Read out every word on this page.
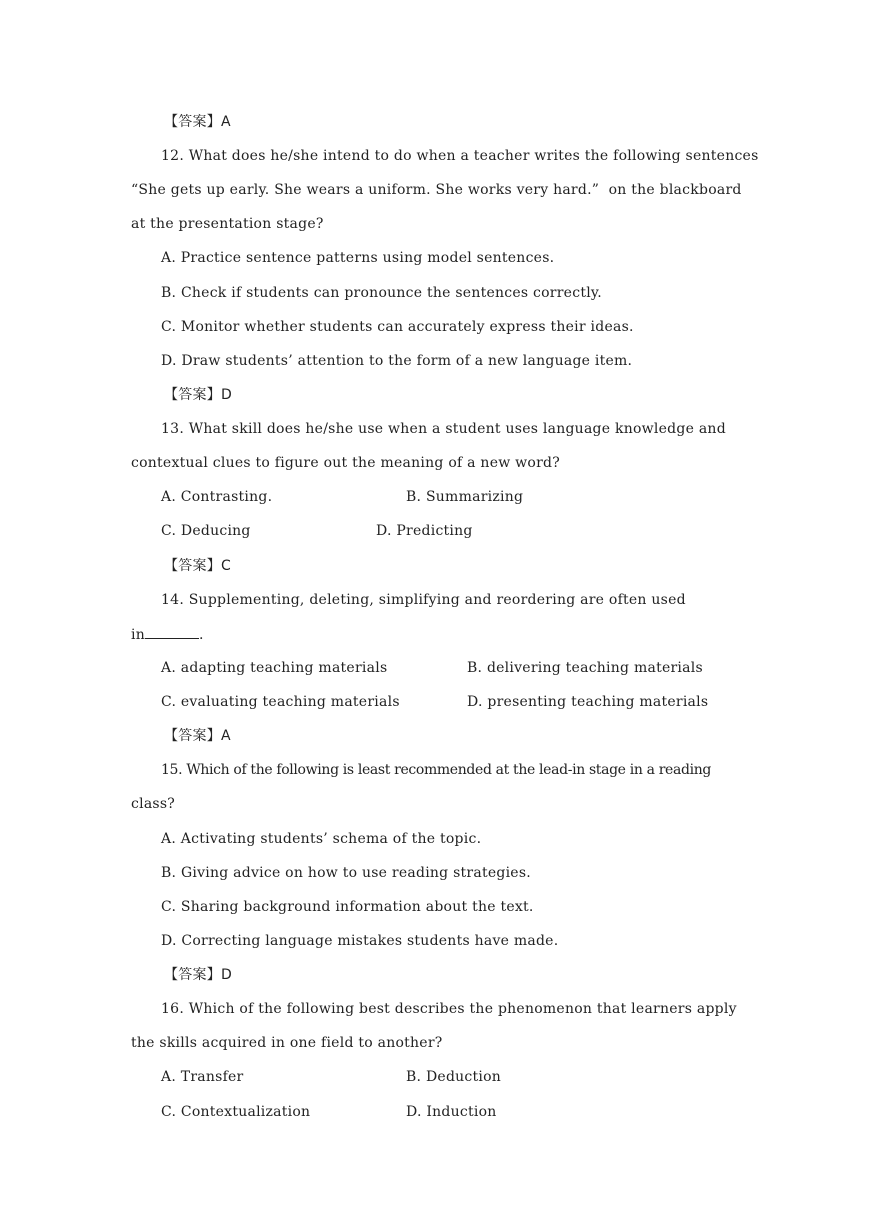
【答案】A
12. What does he/she intend to do when a teacher writes the following sentences
“She gets up early. She wears a uniform. She works very hard.”  on the blackboard
at the presentation stage?
A. Practice sentence patterns using model sentences.
B. Check if students can pronounce the sentences correctly.
C. Monitor whether students can accurately express their ideas.
D. Draw students’ attention to the form of a new language item.
【答案】D
13. What skill does he/she use when a student uses language knowledge and
contextual clues to figure out the meaning of a new word?
A. Contrasting.	B. Summarizing
C. Deducing	D. Predicting
【答案】C
14. Supplementing, deleting, simplifying and reordering are often used
in	.
A. adapting teaching materials	B. delivering teaching materials
C. evaluating teaching materials	D. presenting teaching materials
【答案】A
15. Which of the following is least recommended at the lead-in stage in a reading
class?
A. Activating students’ schema of the topic.
B. Giving advice on how to use reading strategies.
C. Sharing background information about the text.
D. Correcting language mistakes students have made.
【答案】D
16. Which of the following best describes the phenomenon that learners apply
the skills acquired in one field to another?
A. Transfer	B. Deduction
C. Contextualization	D. Induction
